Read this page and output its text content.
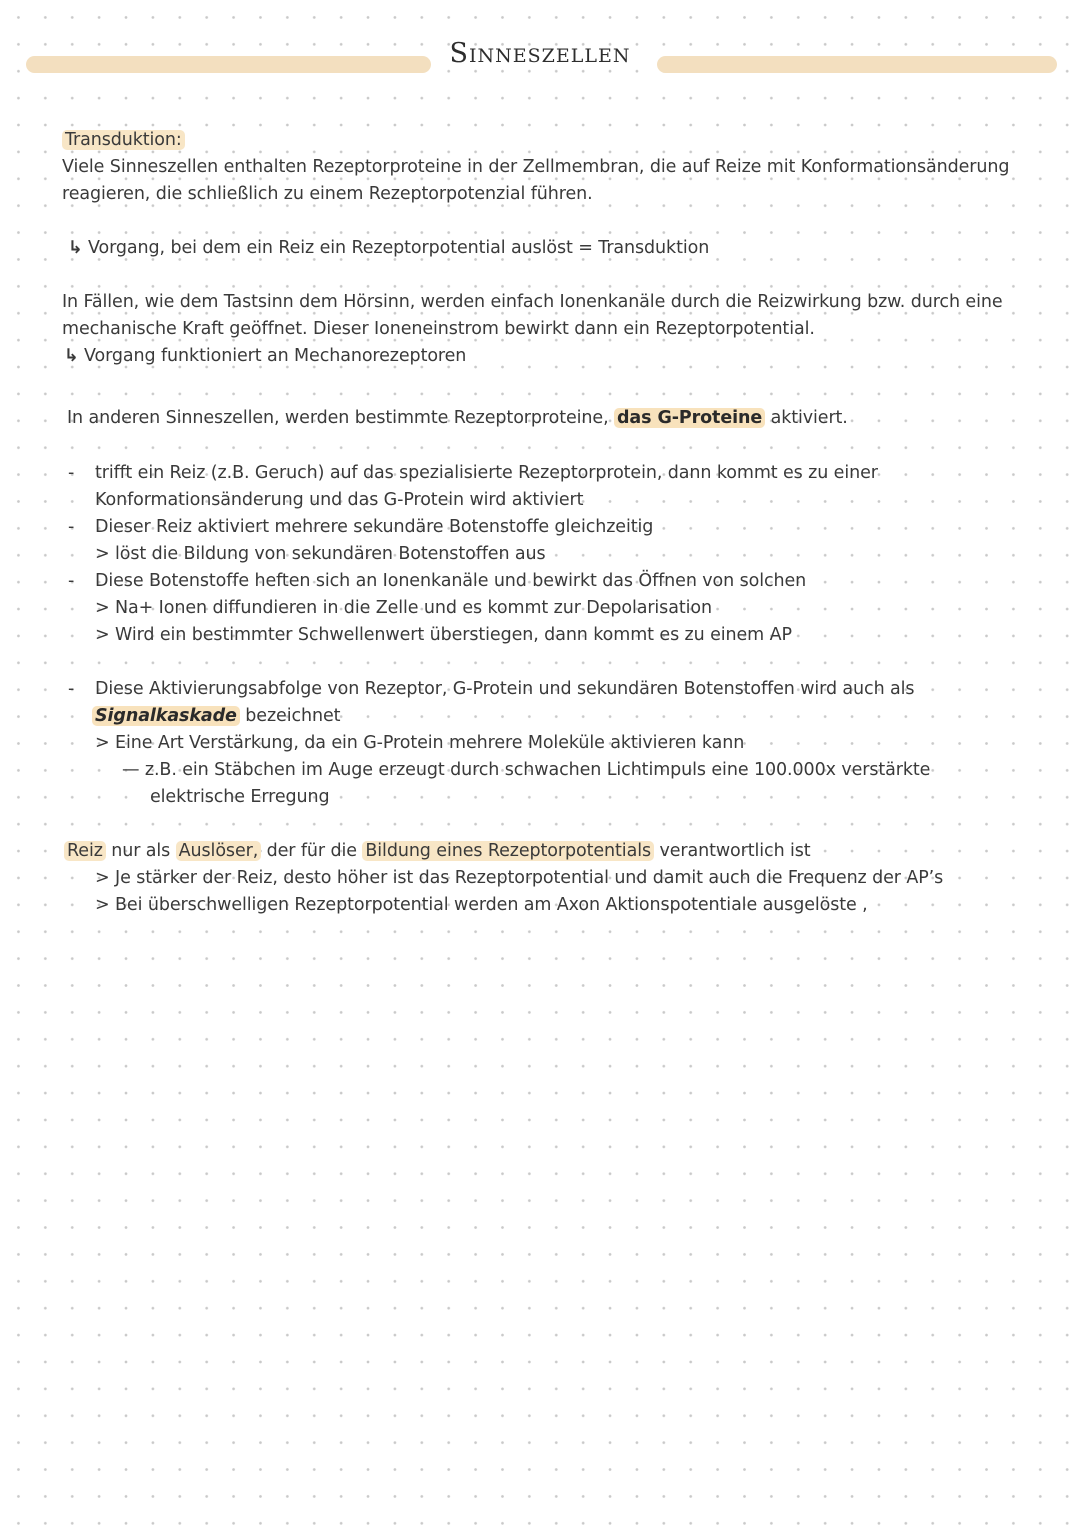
Sinneszellen
Transduktion:
Viele Sinneszellen enthalten Rezeptorproteine in der Zellmembran, die auf Reize mit Konformationsänderung
reagieren, die schließlich zu einem Rezeptorpotenzial führen.
↳ Vorgang, bei dem ein Reiz ein Rezeptorpotential auslöst = Transduktion
In Fällen, wie dem Tastsinn dem Hörsinn, werden einfach Ionenkanäle durch die Reizwirkung bzw. durch eine
mechanische Kraft geöffnet. Dieser Ioneneinstrom bewirkt dann ein Rezeptorpotential.
↳ Vorgang funktioniert an Mechanorezeptoren
In anderen Sinneszellen, werden bestimmte Rezeptorproteine, das G-Proteine aktiviert.
- trifft ein Reiz (z.B. Geruch) auf das spezialisierte Rezeptorprotein, dann kommt es zu einer
Konformationsänderung und das G-Protein wird aktiviert
- Dieser Reiz aktiviert mehrere sekundäre Botenstoffe gleichzeitig
> löst die Bildung von sekundären Botenstoffen aus
- Diese Botenstoffe heften sich an Ionenkanäle und bewirkt das Öffnen von solchen
> Na+ Ionen diffundieren in die Zelle und es kommt zur Depolarisation
> Wird ein bestimmter Schwellenwert überstiegen, dann kommt es zu einem AP
- Diese Aktivierungsabfolge von Rezeptor, G-Protein und sekundären Botenstoffen wird auch als
Signalkaskade bezeichnet
> Eine Art Verstärkung, da ein G-Protein mehrere Moleküle aktivieren kann
— z.B. ein Stäbchen im Auge erzeugt durch schwachen Lichtimpuls eine 100.000x verstärkte
elektrische Erregung
Reiz nur als Auslöser, der für die Bildung eines Rezeptorpotentials verantwortlich ist
> Je stärker der Reiz, desto höher ist das Rezeptorpotential und damit auch die Frequenz der AP’s
> Bei überschwelligen Rezeptorpotential werden am Axon Aktionspotentiale ausgelöste ,
